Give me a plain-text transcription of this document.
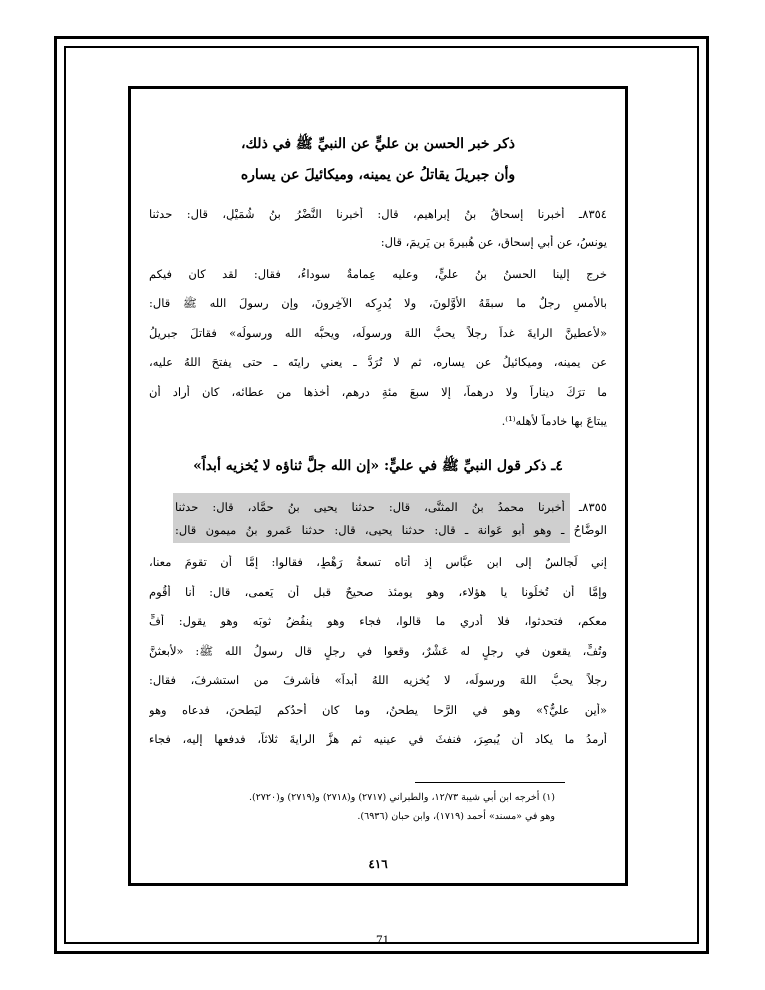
ذكر خبر الحسن بن عليٍّ عن النبيِّ ﷺ في ذلك،
وأن جبريلَ يقاتلُ عن يمينه، وميكائيلَ عن يساره
٨٣٥٤ـ أخبرنا إسحاقُ بنُ إبراهيم، قال: أخبرنا النَّضْرُ بنُ شُمَيْلٍ، قال: حدثنا
يونسُ، عن أبي إسحاق، عن هُبيرةَ بن يَرِيمَ، قال:
خرج إلينا الحسنُ بنُ عليٍّ، وعليه عِمامةٌ سوداءُ، فقال: لقد كان فيكم
بالأمسِ رجلٌ ما سبقَهُ الأوَّلونَ، ولا يُدرِكه الآخِرونَ، وإن رسولَ الله ﷺ قال:
«لأعطينَّ الرايةَ غداً رجلاً يحبُّ اللهَ ورسولَه، ويحبُّه الله ورسولُه» فقاتلَ جبريلُ
عن يمينه، وميكائيلُ عن يساره، ثم لا تُرَدُّ ـ يعني رايتَه ـ حتى يفتحَ اللهُ عليه،
ما ترَكَ ديناراً ولا درهماً، إلا سبعَ مئةِ درهمٍ، أخذها من عطائه، كان أراد أن
يبتاعَ بها خادماً لأهله⁽¹⁾.
٤ـ ذكر قول النبيِّ ﷺ في عليٍّ: «إن الله جلَّ ثناؤه لا يُخزيه أبداً»
٨٣٥٥ـ أخبرنا محمدُ بنُ المثنَّى، قال: حدثنا يحيى بنُ حمَّاد، قال: حدثنا
الوضَّاحُ ـ وهو أبو عَوانة ـ قال: حدثنا يحيى، قال: حدثنا عَمرو بنُ ميمون قال:
إني لَجالسٌ إلى ابن عبَّاس إذ أتاه تسعةُ رَهْطٍ، فقالوا: إمَّا أن تقومَ معنا،
وإمَّا أن تُخلُونا يا هؤلاء، وهو يومئذ صحيحٌ قبل أن يَعمى، قال: أنا أقُوم
معكم، فتحدثوا، فلا أدري ما قالوا، فجاء وهو ينفُضُ ثوبَه وهو يقول: أُفٍّ
وتُفٍّ، يقعون في رجلٍ له عَشْرٌ، وقعوا في رجلٍ قال رسولُ الله ﷺ: «لأبعثنَّ
رجلاً يحبُّ اللهَ ورسولَه، لا يُخزيه اللهُ أبداً» فأشرفَ من استشرفَ، فقال:
«أين عليٌّ؟» وهو في الرَّحا يطحنُ، وما كان أحدُكم ليَطحنَ، فدعاه وهو
أرمدُ ما يكاد أن يُبصِرَ، فنفثَ في عينيه ثم هزَّ الرايةَ ثلاثاً، فدفعها إليه، فجاء
(١) أخرجه ابن أبي شيبة ١٢/٧٣، والطبراني (٢٧١٧) و(٢٧١٨) و(٢٧١٩) و(٢٧٢٠).
وهو في «مسند» أحمد (١٧١٩)، وابن حبان (٦٩٣٦).
٤١٦
71
